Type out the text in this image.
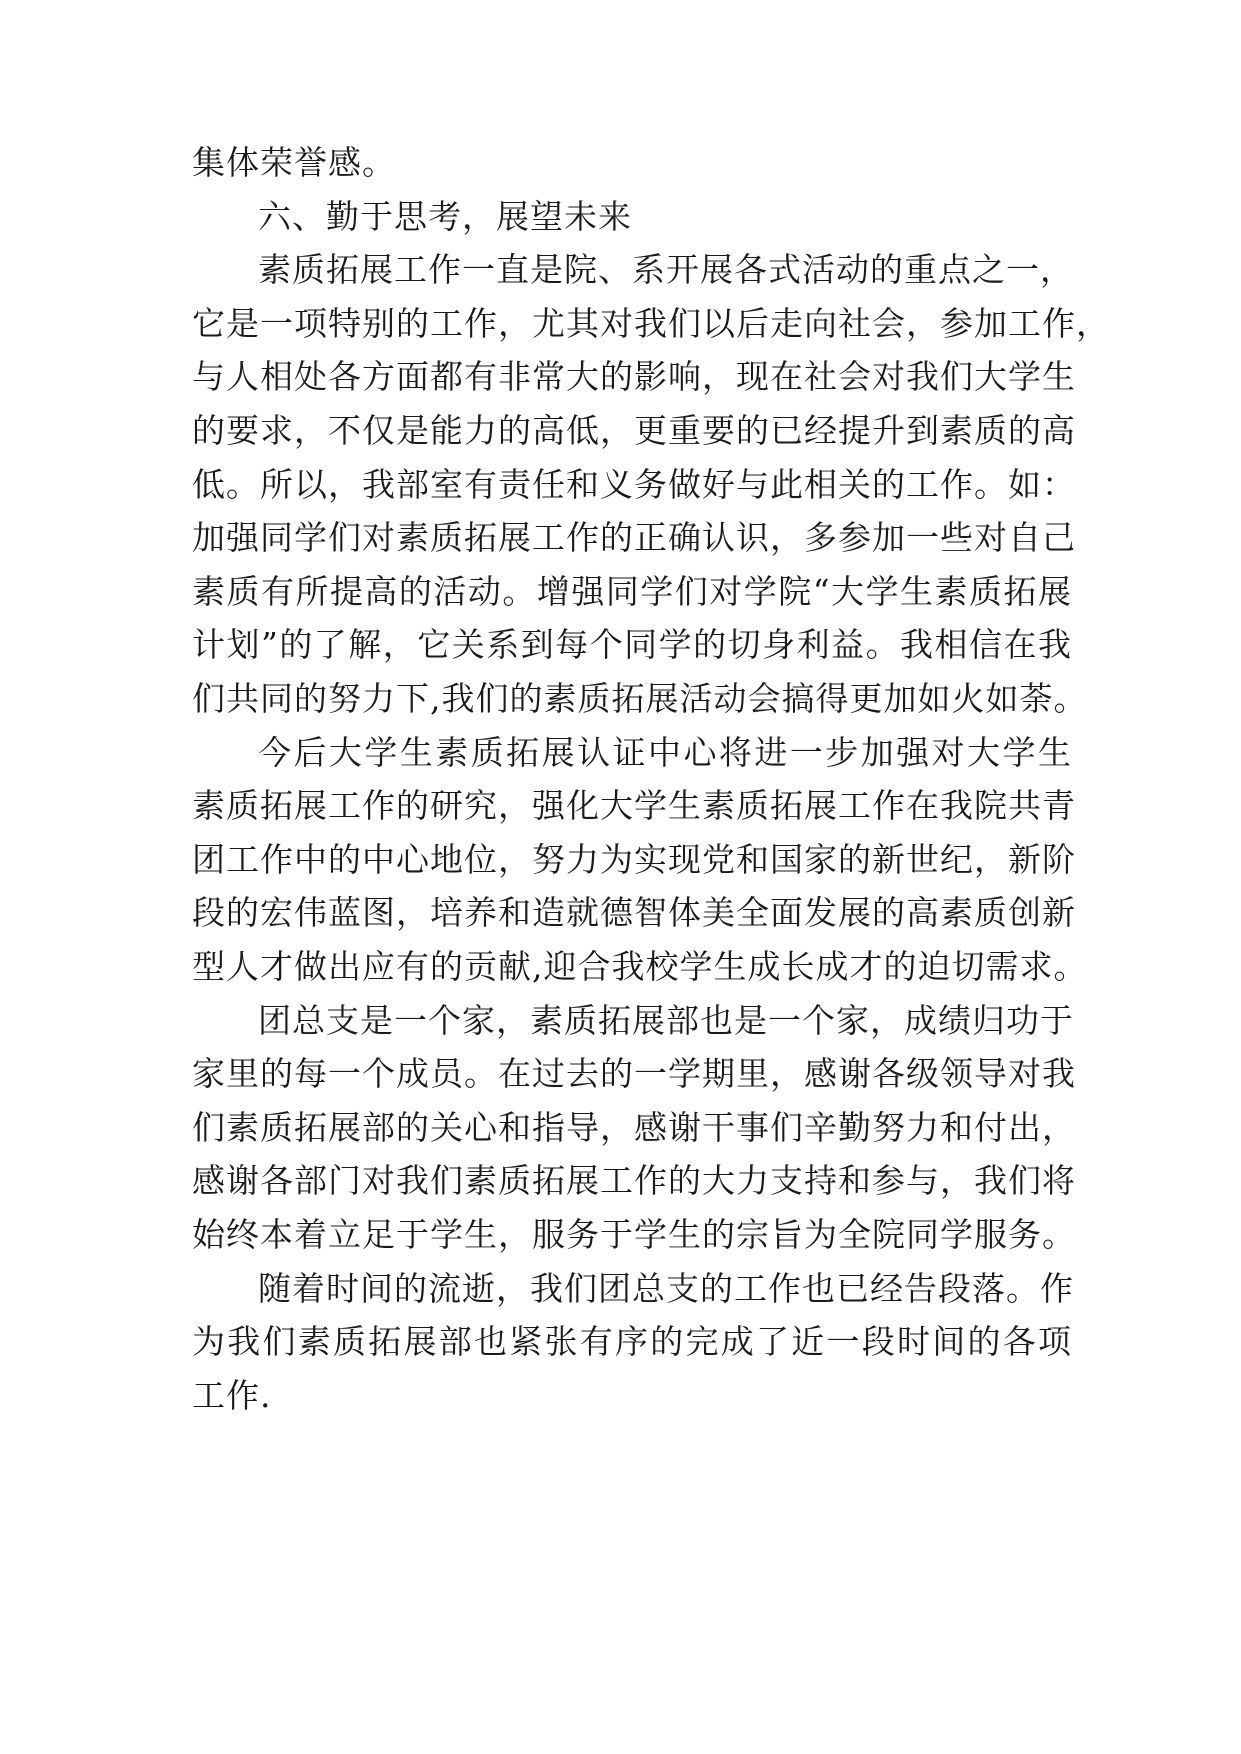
集体荣誉感。
六、勤于思考，展望未来
素质拓展工作一直是院、系开展各式活动的重点之一，
它是一项特别的工作，尤其对我们以后走向社会，参加工作，
与人相处各方面都有非常大的影响，现在社会对我们大学生
的要求，不仅是能力的高低，更重要的已经提升到素质的高
低。所以，我部室有责任和义务做好与此相关的工作。如：
加强同学们对素质拓展工作的正确认识，多参加一些对自己
素质有所提高的活动。增强同学们对学院“大学生素质拓展
计划”的了解，它关系到每个同学的切身利益。我相信在我
们共同的努力下,我们的素质拓展活动会搞得更加如火如荼。
今后大学生素质拓展认证中心将进一步加强对大学生
素质拓展工作的研究，强化大学生素质拓展工作在我院共青
团工作中的中心地位，努力为实现党和国家的新世纪，新阶
段的宏伟蓝图，培养和造就德智体美全面发展的高素质创新
型人才做出应有的贡献,迎合我校学生成长成才的迫切需求。
团总支是一个家，素质拓展部也是一个家，成绩归功于
家里的每一个成员。在过去的一学期里，感谢各级领导对我
们素质拓展部的关心和指导，感谢干事们辛勤努力和付出，
感谢各部门对我们素质拓展工作的大力支持和参与，我们将
始终本着立足于学生，服务于学生的宗旨为全院同学服务。
随着时间的流逝，我们团总支的工作也已经告段落。作
为我们素质拓展部也紧张有序的完成了近一段时间的各项
工作.
